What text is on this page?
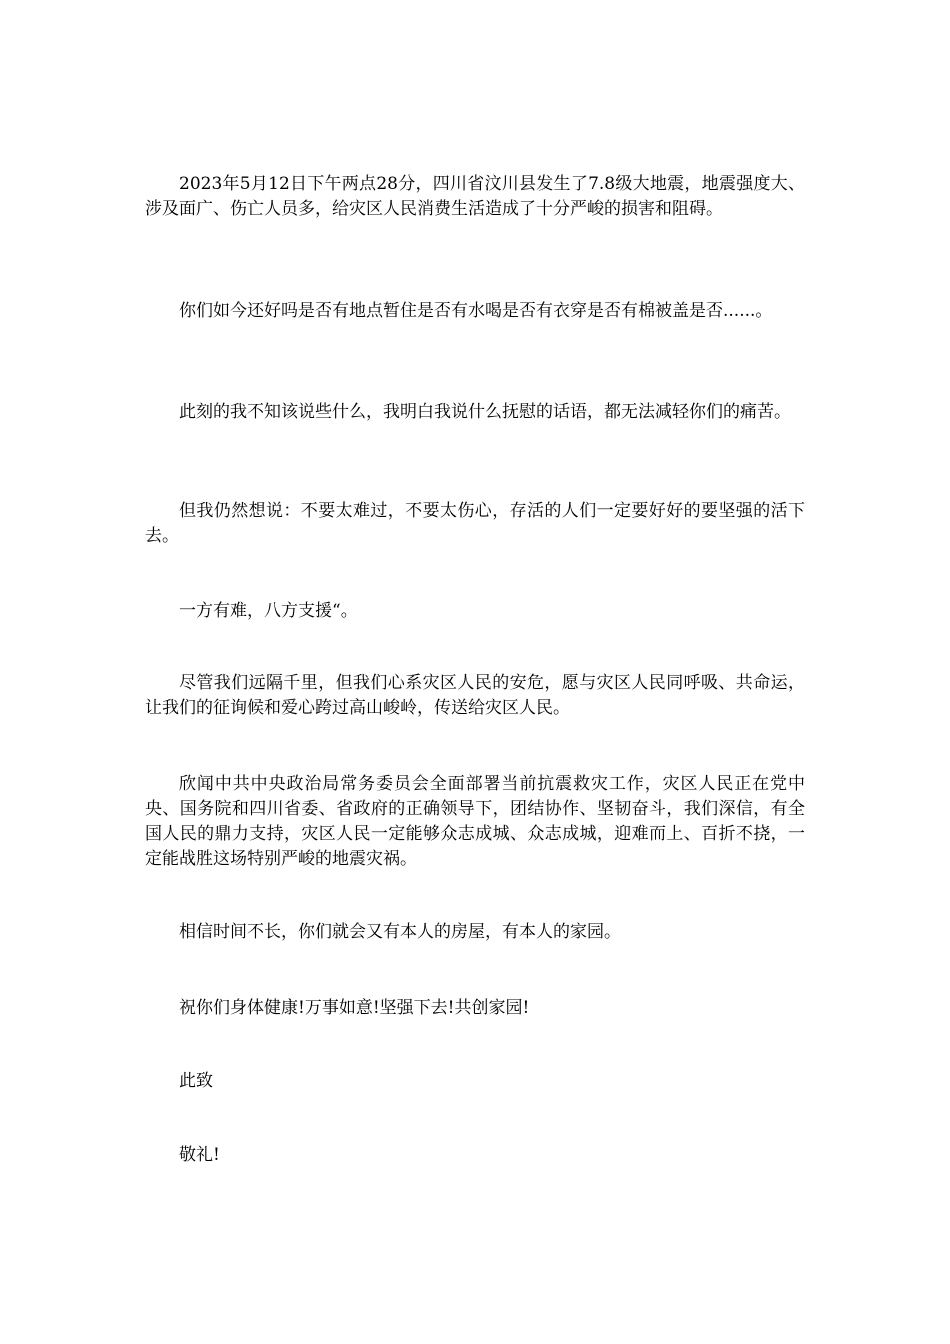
2023年5月12日下午两点28分，四川省汶川县发生了7.8级大地震，地震强度大、涉及面广、伤亡人员多，给灾区人民消费生活造成了十分严峻的损害和阻碍。

你们如今还好吗是否有地点暂住是否有水喝是否有衣穿是否有棉被盖是否......。

此刻的我不知该说些什么，我明白我说什么抚慰的话语，都无法减轻你们的痛苦。

但我仍然想说：不要太难过，不要太伤心，存活的人们一定要好好的要坚强的活下去。

一方有难，八方支援“。

尽管我们远隔千里，但我们心系灾区人民的安危，愿与灾区人民同呼吸、共命运，让我们的征询候和爱心跨过高山峻岭，传送给灾区人民。

欣闻中共中央政治局常务委员会全面部署当前抗震救灾工作，灾区人民正在党中央、国务院和四川省委、省政府的正确领导下，团结协作、坚韧奋斗，我们深信，有全国人民的鼎力支持，灾区人民一定能够众志成城、众志成城，迎难而上、百折不挠，一定能战胜这场特别严峻的地震灾祸。

相信时间不长，你们就会又有本人的房屋，有本人的家园。

祝你们身体健康!万事如意!坚强下去!共创家园!

此致

敬礼!
